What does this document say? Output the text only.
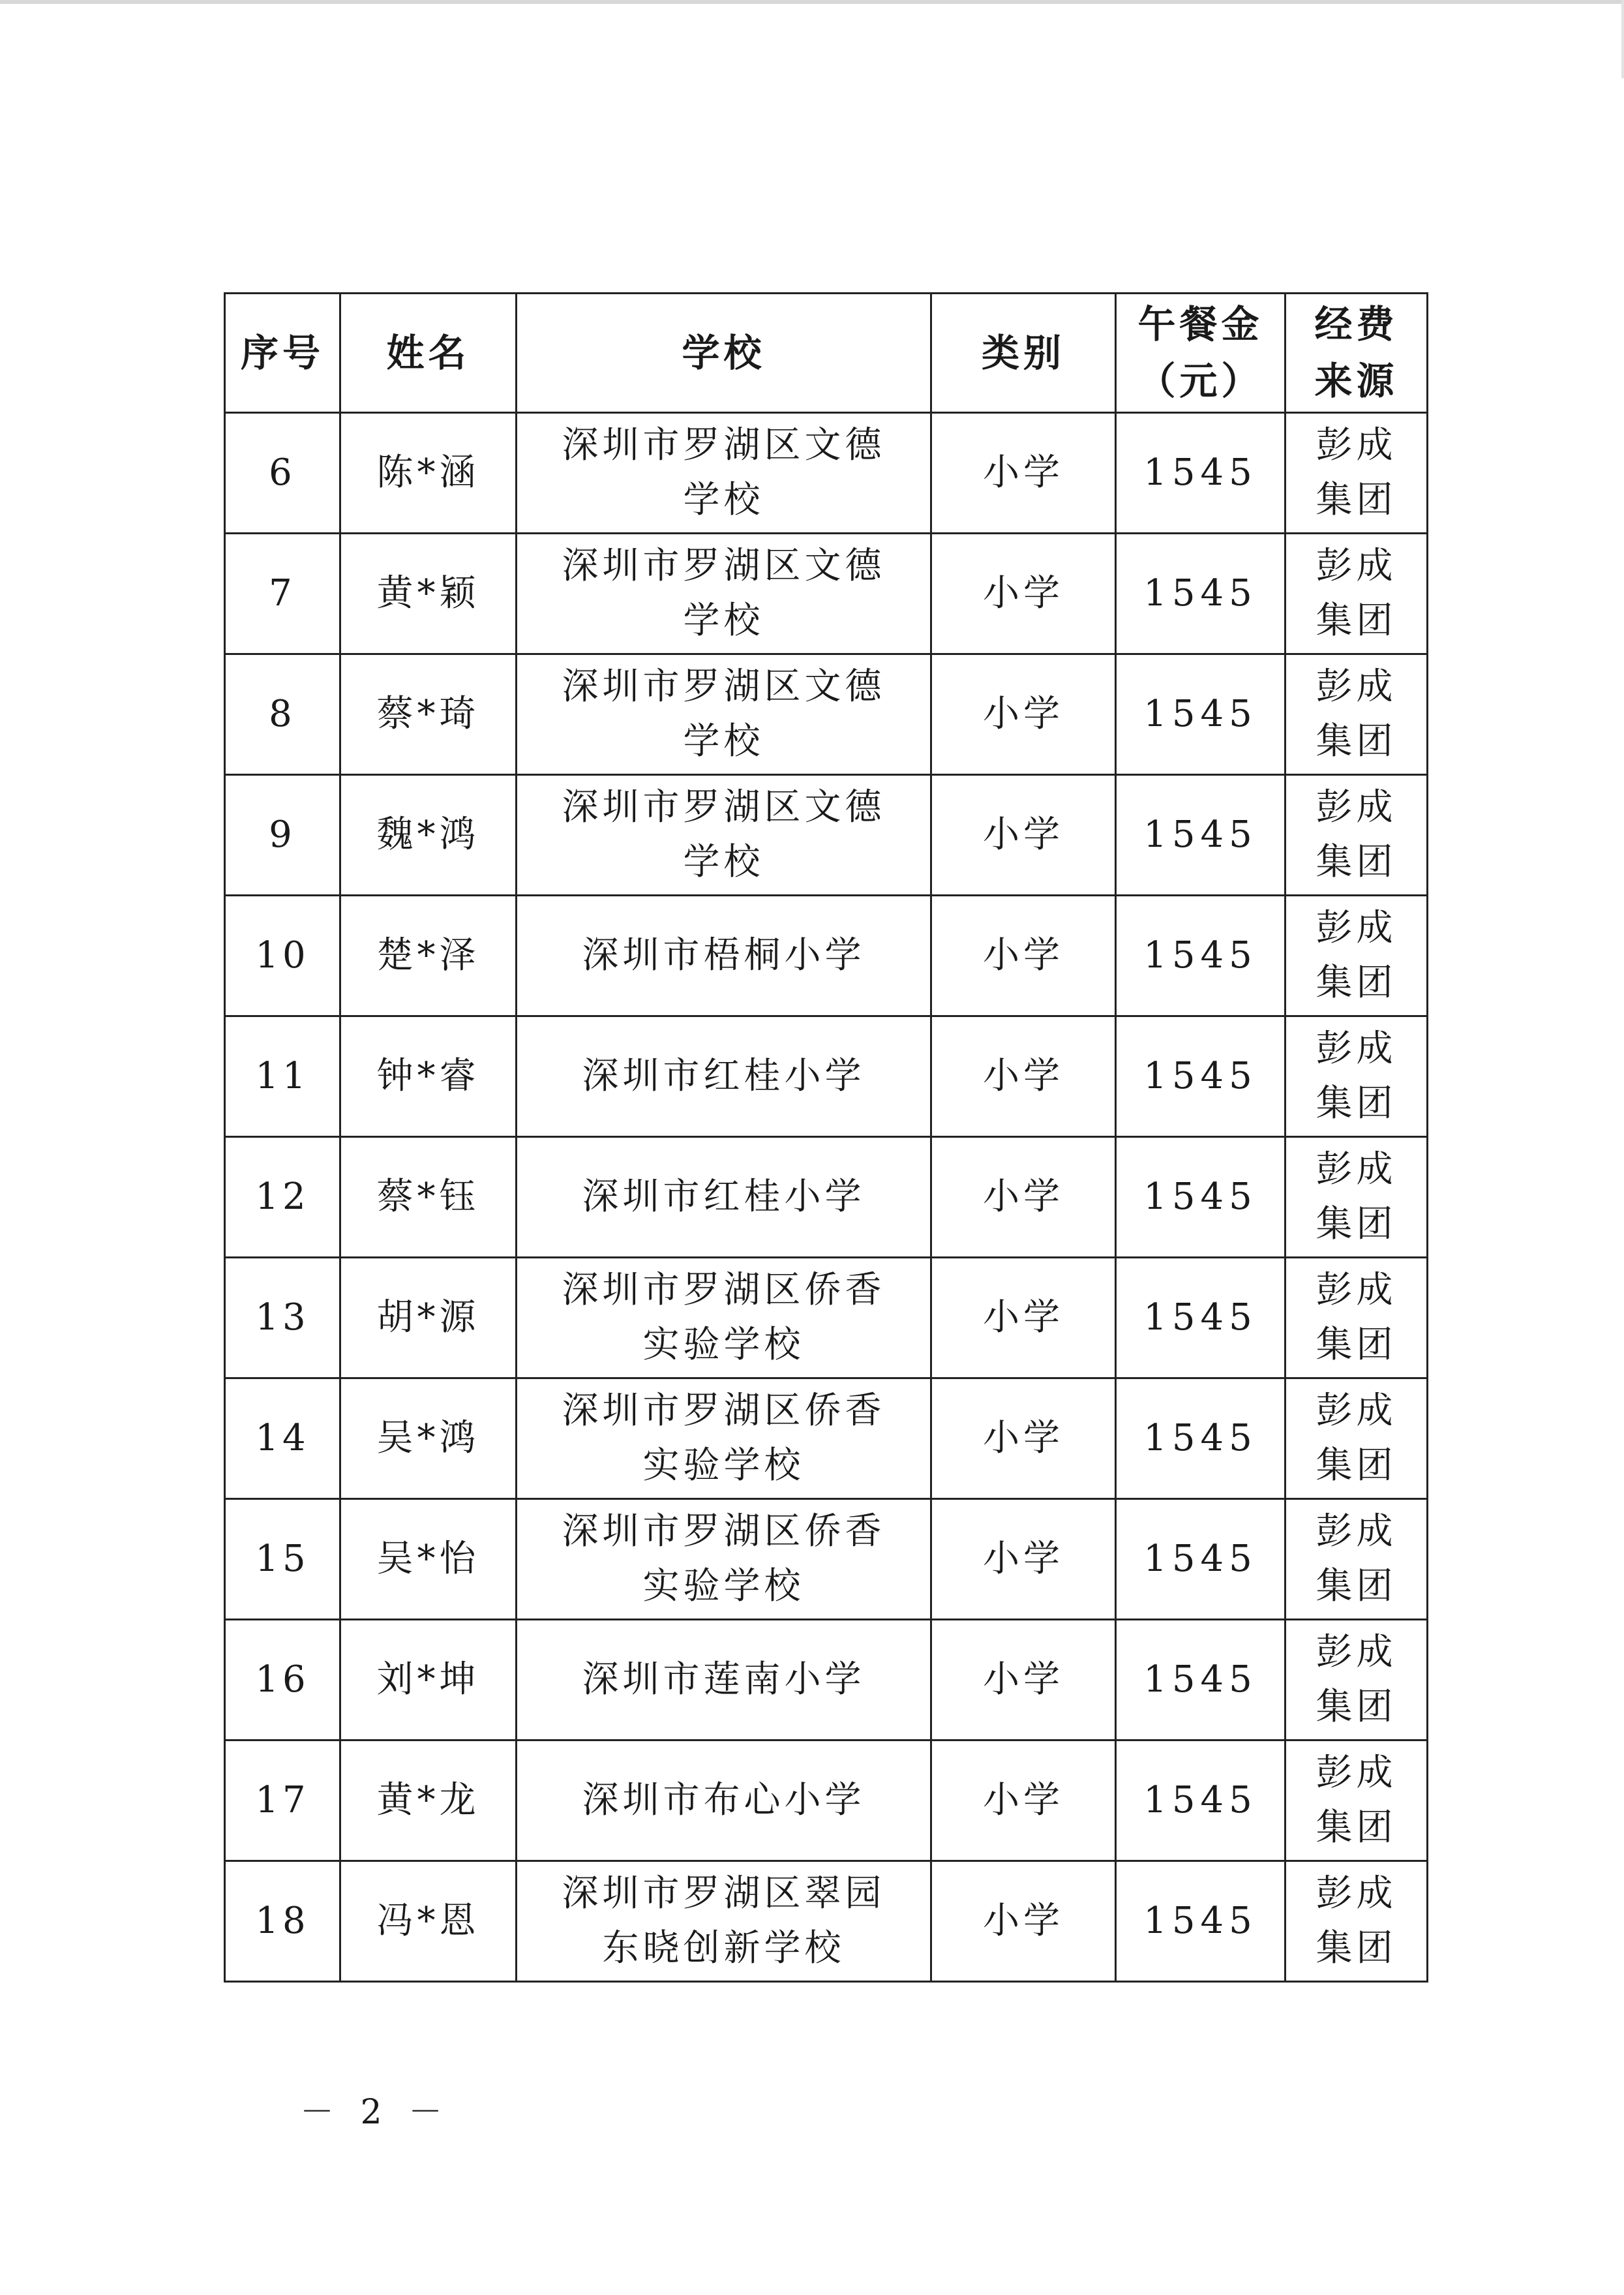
序号	姓名	学校	类别	午餐金（元）	经费来源
6	陈*涵	深圳市罗湖区文德学校	小学	1545	彭成集团
7	黄*颖	深圳市罗湖区文德学校	小学	1545	彭成集团
8	蔡*琦	深圳市罗湖区文德学校	小学	1545	彭成集团
9	魏*鸿	深圳市罗湖区文德学校	小学	1545	彭成集团
10	楚*泽	深圳市梧桐小学	小学	1545	彭成集团
11	钟*睿	深圳市红桂小学	小学	1545	彭成集团
12	蔡*钰	深圳市红桂小学	小学	1545	彭成集团
13	胡*源	深圳市罗湖区侨香实验学校	小学	1545	彭成集团
14	吴*鸿	深圳市罗湖区侨香实验学校	小学	1545	彭成集团
15	吴*怡	深圳市罗湖区侨香实验学校	小学	1545	彭成集团
16	刘*坤	深圳市莲南小学	小学	1545	彭成集团
17	黄*龙	深圳市布心小学	小学	1545	彭成集团
18	冯*恩	深圳市罗湖区翠园东晓创新学校	小学	1545	彭成集团
－ 2 －
